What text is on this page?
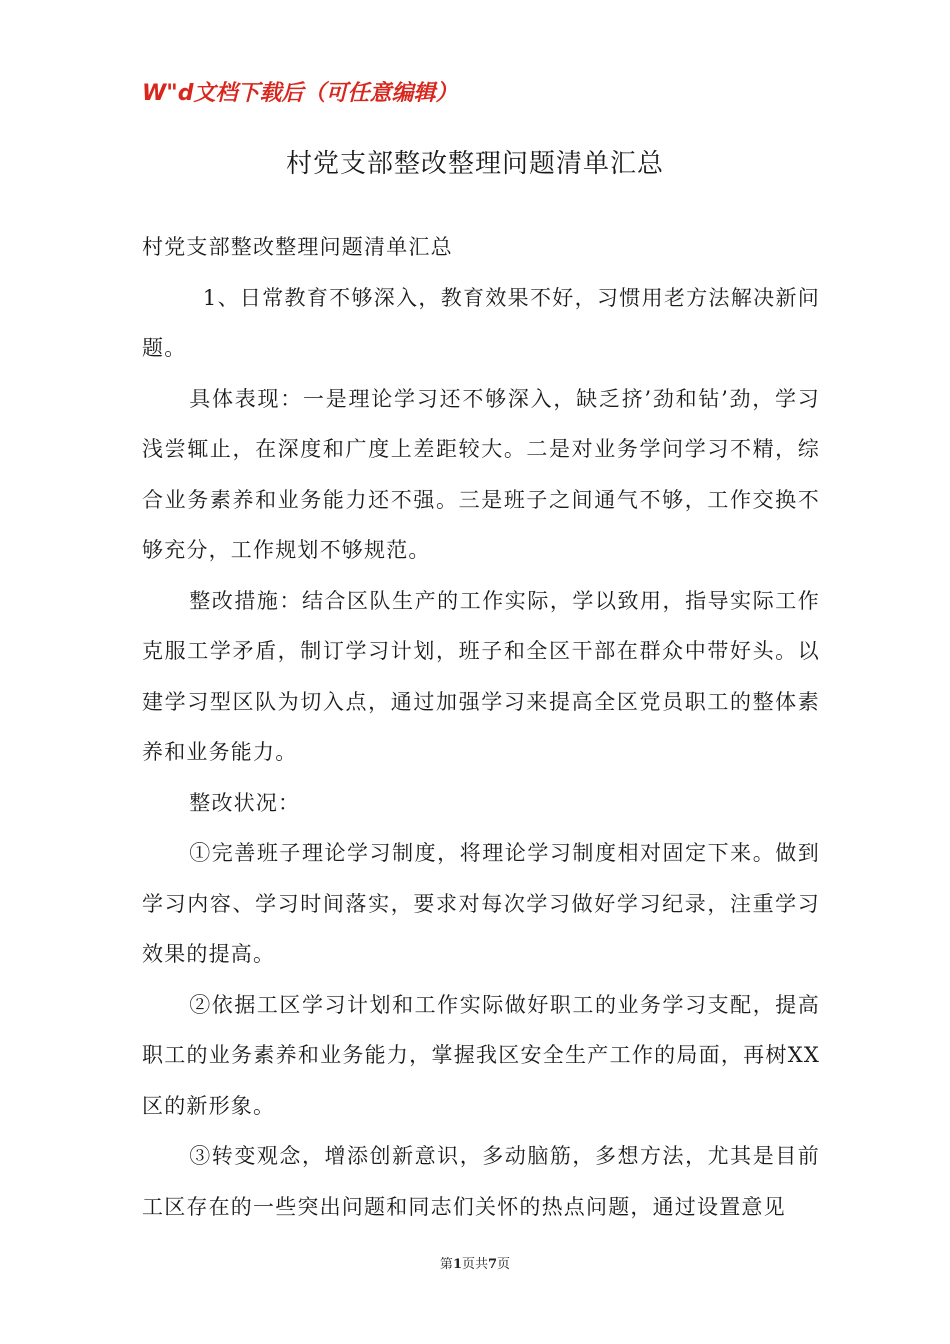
W"d文档下载后（可任意编辑）
村党支部整改整理问题清单汇总

村党支部整改整理问题清单汇总

1、日常教育不够深入，教育效果不好，习惯用老方法解决新问题。

具体表现：一是理论学习还不够深入，缺乏挤’劲和钻’劲，学习浅尝辄止，在深度和广度上差距较大。二是对业务学问学习不精，综合业务素养和业务能力还不强。三是班子之间通气不够，工作交换不够充分，工作规划不够规范。

整改措施：结合区队生产的工作实际，学以致用，指导实际工作克服工学矛盾，制订学习计划，班子和全区干部在群众中带好头。以建学习型区队为切入点，通过加强学习来提高全区党员职工的整体素养和业务能力。

整改状况：

①完善班子理论学习制度，将理论学习制度相对固定下来。做到学习内容、学习时间落实，要求对每次学习做好学习纪录，注重学习效果的提高。

②依据工区学习计划和工作实际做好职工的业务学习支配，提高职工的业务素养和业务能力，掌握我区安全生产工作的局面，再树XX区的新形象。

③转变观念，增添创新意识，多动脑筋，多想方法，尤其是目前工区存在的一些突出问题和同志们关怀的热点问题，通过设置意见

第1页共7页
